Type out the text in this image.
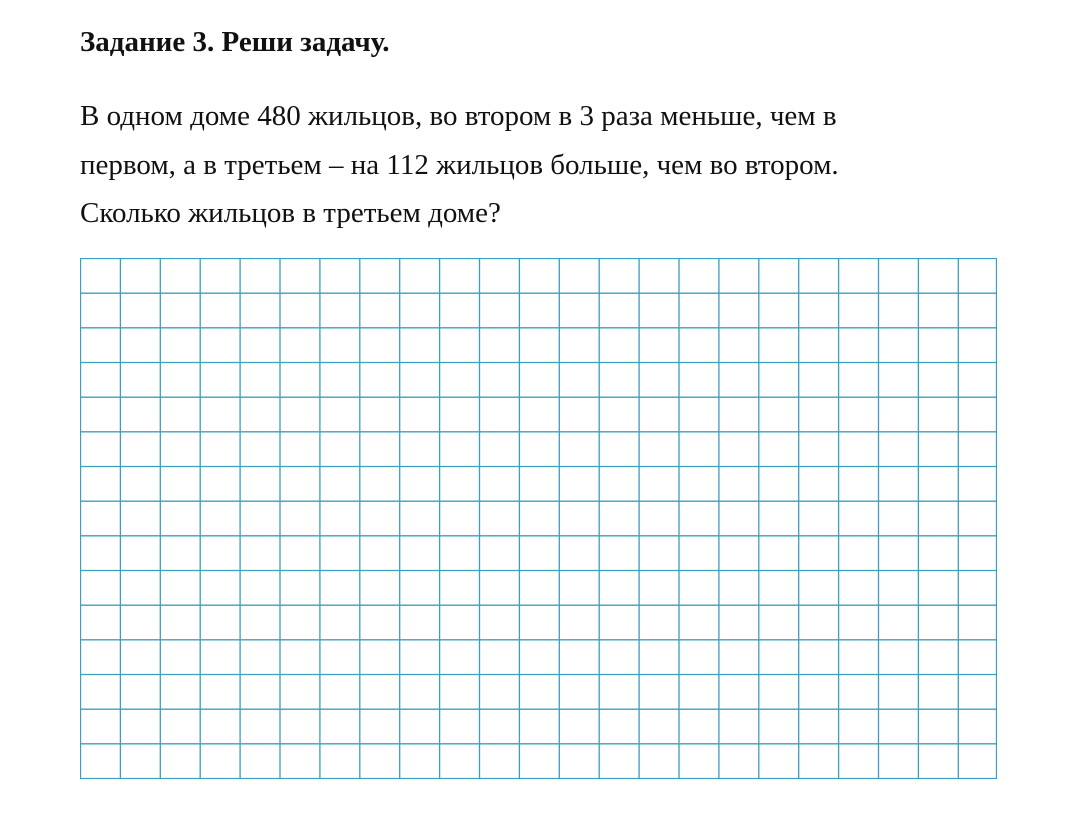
Задание 3. Реши задачу.

В одном доме 480 жильцов, во втором в 3 раза меньше, чем в
первом, а в третьем – на 112 жильцов больше, чем во втором.
Сколько жильцов в третьем доме?
